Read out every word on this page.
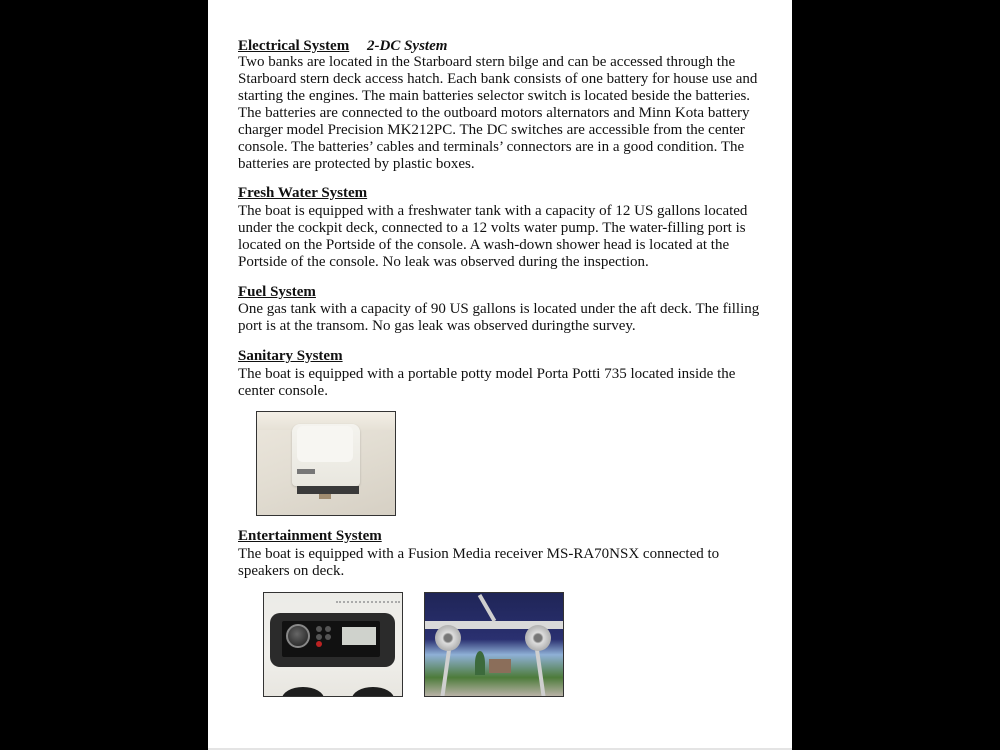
Electrical System 2-DC System
Two banks are located in the Starboard stern bilge and can be accessed through the
Starboard stern deck access hatch. Each bank consists of one battery for house use and
starting the engines. The main batteries selector switch is located beside the batteries.
The batteries are connected to the outboard motors alternators and Minn Kota battery
charger model Precision MK212PC. The DC switches are accessible from the center
console. The batteries’ cables and terminals’ connectors are in a good condition. The
batteries are protected by plastic boxes.
Fresh Water System
The boat is equipped with a freshwater tank with a capacity of 12 US gallons located
under the cockpit deck, connected to a 12 volts water pump. The water-filling port is
located on the Portside of the console. A wash-down shower head is located at the
Portside of the console. No leak was observed during the inspection.
Fuel System
One gas tank with a capacity of 90 US gallons is located under the aft deck. The filling
port is at the transom. No gas leak was observed duringthe survey.
Sanitary System
The boat is equipped with a portable potty model Porta Potti 735 located inside the
center console.
Entertainment System
The boat is equipped with a Fusion Media receiver MS-RA70NSX connected to
speakers on deck.
